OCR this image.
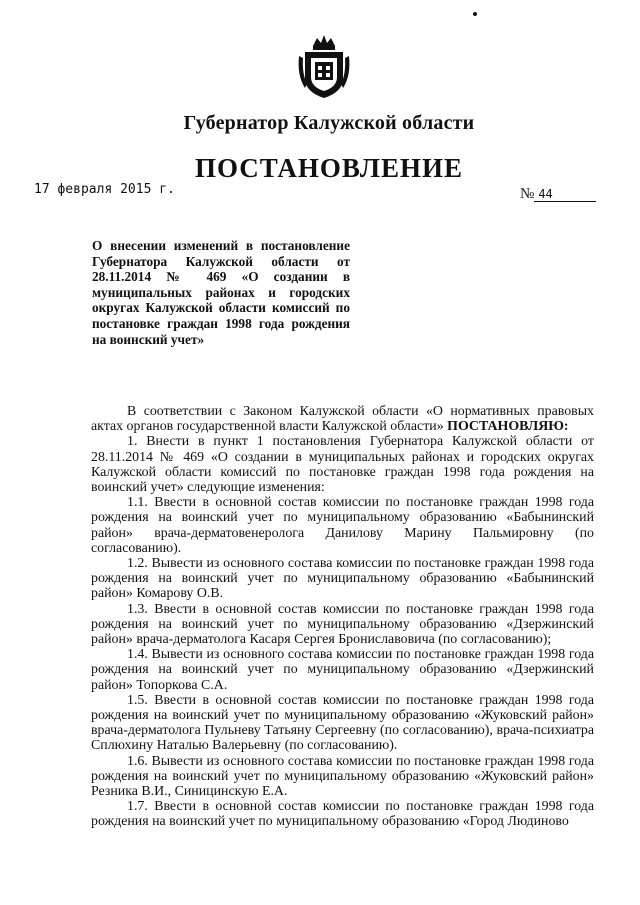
Губернатор Калужской области
ПОСТАНОВЛЕНИЕ
17 февраля 2015 г.	№ 44
О внесении изменений в постановление Губернатора Калужской области от 28.11.2014 № 469 «О создании в муниципальных районах и городских округах Калужской области комиссий по постановке граждан 1998 года рождения на воинский учет»

В соответствии с Законом Калужской области «О нормативных правовых актах органов государственной власти Калужской области» ПОСТАНОВЛЯЮ:

1. Внести в пункт 1 постановления Губернатора Калужской области от 28.11.2014 № 469 «О создании в муниципальных районах и городских округах Калужской области комиссий по постановке граждан 1998 года рождения на воинский учет» следующие изменения:

1.1. Ввести в основной состав комиссии по постановке граждан 1998 года рождения на воинский учет по муниципальному образованию «Бабынинский район» врача-дерматовенеролога Данилову Марину Пальмировну (по согласованию).

1.2. Вывести из основного состава комиссии по постановке граждан 1998 года рождения на воинский учет по муниципальному образованию «Бабынинский район» Комарову О.В.

1.3. Ввести в основной состав комиссии по постановке граждан 1998 года рождения на воинский учет по муниципальному образованию «Дзержинский район» врача-дерматолога Касаря Сергея Брониславовича (по согласованию);

1.4. Вывести из основного состава комиссии по постановке граждан 1998 года рождения на воинский учет по муниципальному образованию «Дзержинский район» Топоркова С.А.

1.5. Ввести в основной состав комиссии по постановке граждан 1998 года рождения на воинский учет по муниципальному образованию «Жуковский район» врача-дерматолога Пульневу Татьяну Сергеевну (по согласованию), врача-психиатра Сплюхину Наталью Валерьевну (по согласованию).

1.6. Вывести из основного состава комиссии по постановке граждан 1998 года рождения на воинский учет по муниципальному образованию «Жуковский район» Резника В.И., Синицинскую Е.А.

1.7. Ввести в основной состав комиссии по постановке граждан 1998 года рождения на воинский учет по муниципальному образованию «Город Людиново
